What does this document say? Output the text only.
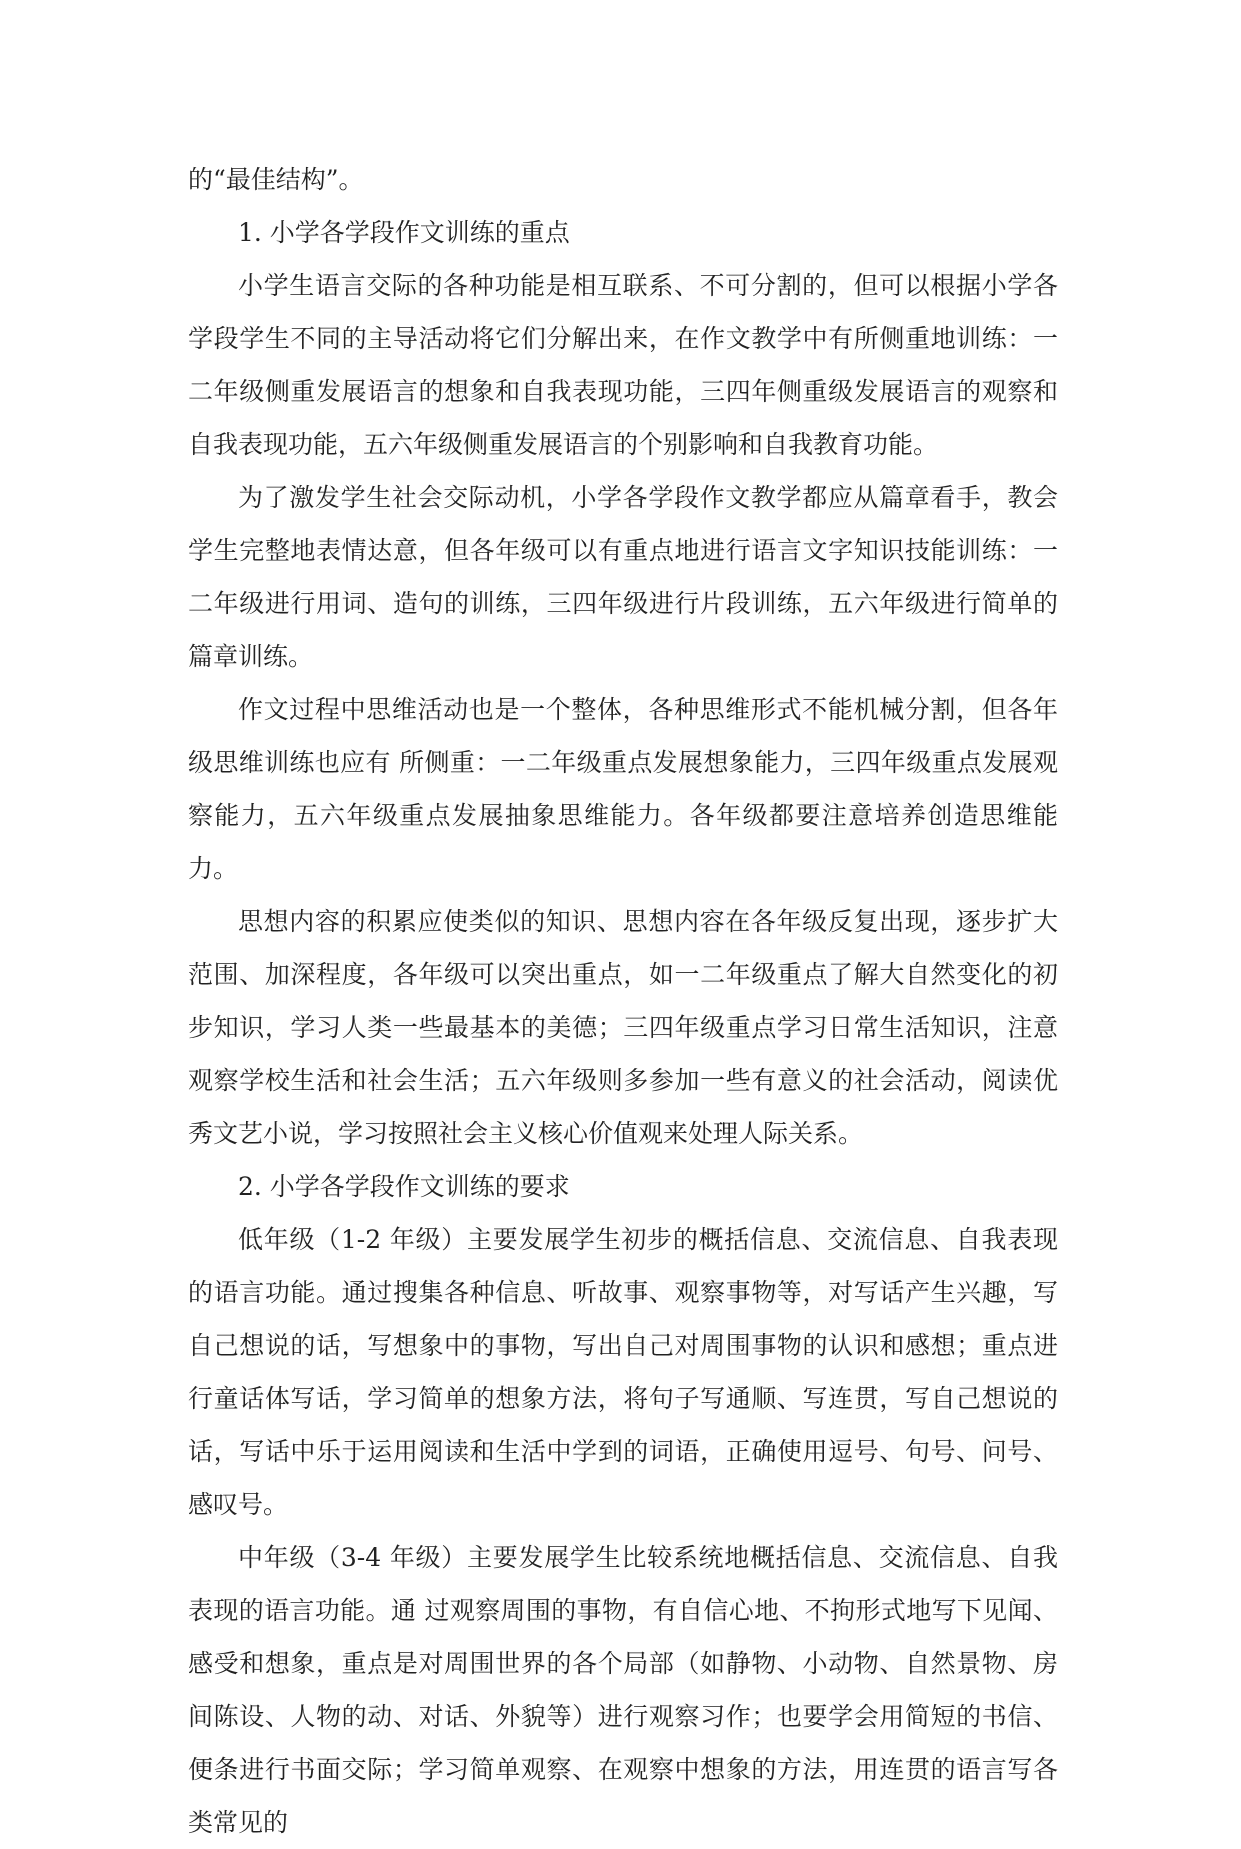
的“最佳结构”。

1. 小学各学段作文训练的重点

小学生语言交际的各种功能是相互联系、不可分割的，但可以根据小学各学段学生不同的主导活动将它们分解出来，在作文教学中有所侧重地训练：一二年级侧重发展语言的想象和自我表现功能，三四年侧重级发展语言的观察和自我表现功能，五六年级侧重发展语言的个别影响和自我教育功能。

为了激发学生社会交际动机，小学各学段作文教学都应从篇章看手，教会学生完整地表情达意，但各年级可以有重点地进行语言文字知识技能训练：一二年级进行用词、造句的训练，三四年级进行片段训练，五六年级进行简单的篇章训练。

作文过程中思维活动也是一个整体，各种思维形式不能机械分割，但各年级思维训练也应有 所侧重：一二年级重点发展想象能力，三四年级重点发展观察能力，五六年级重点发展抽象思维能力。各年级都要注意培养创造思维能力。

思想内容的积累应使类似的知识、思想内容在各年级反复出现，逐步扩大范围、加深程度，各年级可以突出重点，如一二年级重点了解大自然变化的初步知识，学习人类一些最基本的美德；三四年级重点学习日常生活知识，注意观察学校生活和社会生活；五六年级则多参加一些有意义的社会活动，阅读优秀文艺小说，学习按照社会主义核心价值观来处理人际关系。

2. 小学各学段作文训练的要求

低年级（1-2 年级）主要发展学生初步的概括信息、交流信息、自我表现的语言功能。通过搜集各种信息、听故事、观察事物等，对写话产生兴趣，写自己想说的话，写想象中的事物，写出自己对周围事物的认识和感想；重点进行童话体写话，学习简单的想象方法，将句子写通顺、写连贯，写自己想说的话，写话中乐于运用阅读和生活中学到的词语，正确使用逗号、句号、问号、感叹号。

中年级（3-4 年级）主要发展学生比较系统地概括信息、交流信息、自我表现的语言功能。通 过观察周围的事物，有自信心地、不拘形式地写下见闻、感受和想象，重点是对周围世界的各个局部（如静物、小动物、自然景物、房间陈设、人物的动、对话、外貌等）进行观察习作；也要学会用简短的书信、便条进行书面交际；学习简单观察、在观察中想象的方法，用连贯的语言写各类常见的
